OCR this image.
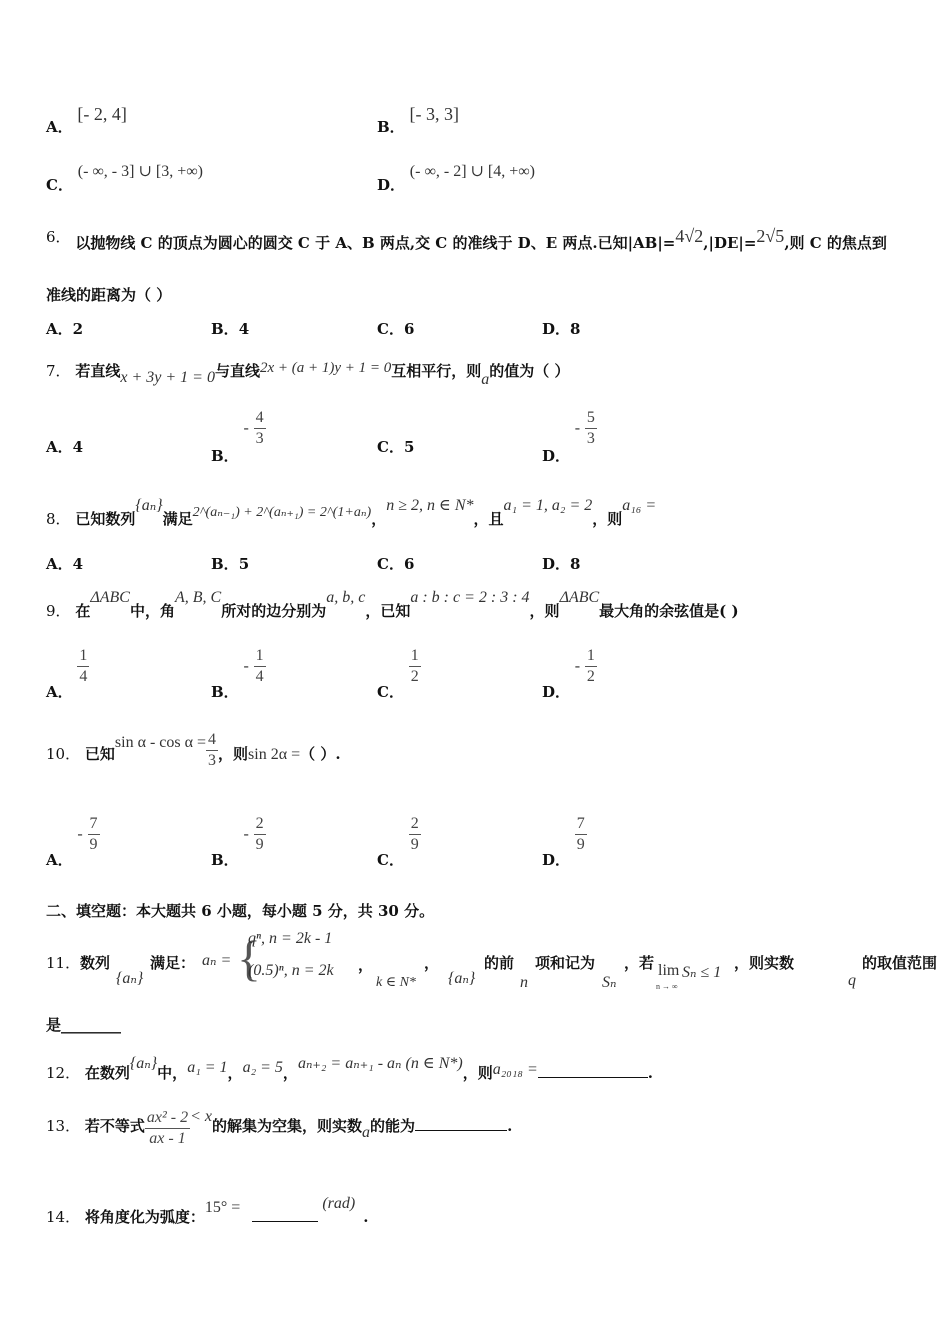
A． [- 2, 4]
B． [- 3, 3]
C． (- ∞, - 3] ∪ [3, +∞)
D． (- ∞, - 2] ∪ [4, +∞)
6． 以抛物线 C 的顶点为圆心的圆交 C 于 A、B 两点,交 C 的准线于 D、E 两点.已知|AB|=4√2,|DE|=2√5,则 C 的焦点到
准线的距离为（ ）
A．2	B．4	C．6	D．8
7． 若直线x + 3y + 1 = 0与直线2x + (a + 1)y + 1 = 0互相平行，则a的值为（ ）
A．4	B． - $\frac{4}{3}$	C．5	D． - $\frac{5}{3}$
8． 已知数列{aₙ}满足2^(aₙ₋₁) + 2^(aₙ₊₁) = 2^(1+aₙ)，n ≥ 2, n ∈ N*，且a₁ = 1, a₂ = 2，则a₁₆ =
A．4	B．5	C．6	D．8
9． 在ΔABC中，角A, B, C所对的边分别为a, b, c，已知a : b : c = 2 : 3 : 4，则ΔABC最大角的余弦值是( )
A．
$\frac{1}{4}$
B． - $\frac{1}{4}$
C．
$\frac{1}{2}$
D． - $\frac{1}{2}$
10． 已知$\sin \alpha - \cos \alpha = \frac{4}{3}$ ，则sin 2α =（ ）.
A． - $\frac{7}{9}$
B． - $\frac{2}{9}$
C．
$\frac{2}{9}$
D．
$\frac{7}{9}$
二、填空题：本大题共 6 小题，每小题 5 分，共 30 分。
11． 数列
{aₙ}
满足： aₙ = {
qⁿ, n = 2k - 1
(0.5)ⁿ, n = 2k ，
k ∈ N*
，
{aₙ}
的前
n
项和记为
Sₙ
，若 lim
n → ∞
Sₙ ≤ 1
，则实数
q
的取值范围
是________
12． 在数列{aₙ}中，a₁ = 1，a₂ = 5，aₙ₊₂ = aₙ₊₁ - aₙ (n ∈ N*)，则a₂₀₁₈ =	.
13． 若不等式 $\frac{\text{ax² - 2}}{ax - 1} < x$的解集为空集，则实数a的能为	.
14． 将角度化为弧度：15° =	(rad).
